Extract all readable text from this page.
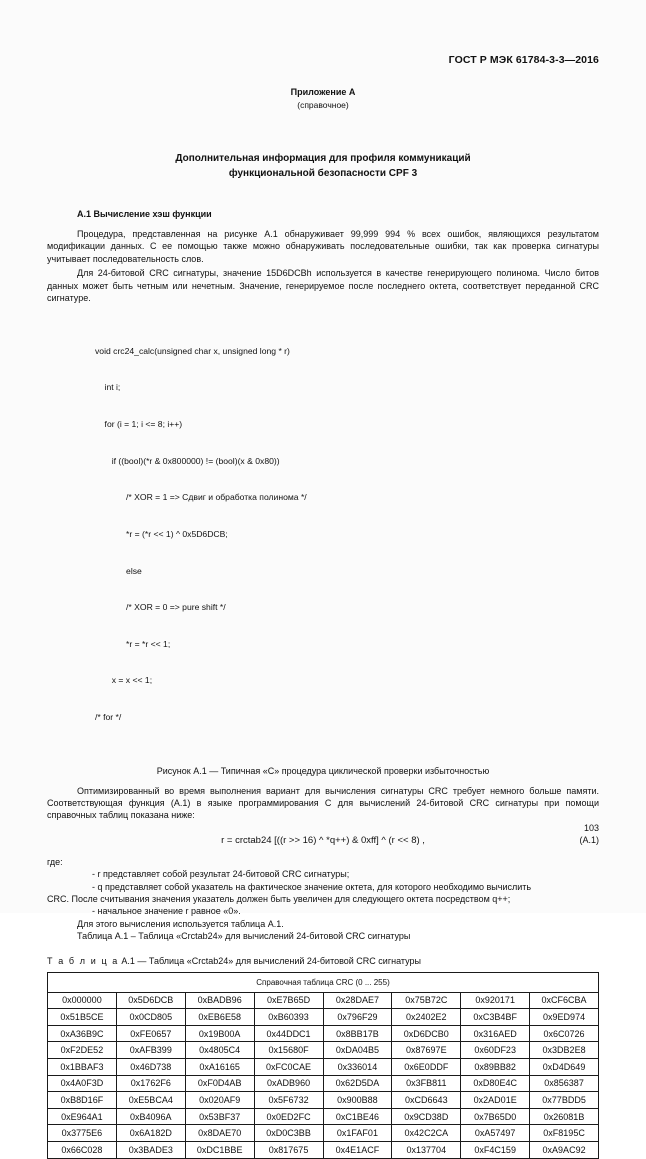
ГОСТ Р МЭК 61784-3-3—2016
Приложение А
(справочное)
Дополнительная информация для профиля коммуникаций
функциональной безопасности CPF 3
А.1 Вычисление хэш функции

Процедура, представленная на рисунке А.1 обнаруживает 99,999 994 % всех ошибок, являющихся результатом модификации данных. С ее помощью также можно обнаруживать последовательные ошибки, так как проверка сигнатуры учитывает последовательность слов.

Для 24-битовой CRC сигнатуры, значение 15D6DCBh используется в качестве генерирующего полинома. Число битов данных может быть четным или нечетным. Значение, генерируемое после последнего октета, соответствует переданной CRC сигнатуре.

void crc24_calc(unsigned char x, unsigned long * r)

int i;

for (i = 1; i <= 8; i++)

if ((bool)(*r & 0x800000) != (bool)(x & 0x80))

/* XOR = 1 => Сдвиг и обработка полинома */

*r = (*r << 1) ^ 0x5D6DCB;

else

/* XOR = 0 => pure shift */

*r = *r << 1;

x = x << 1;

/* for */

Рисунок А.1 — Типичная «С» процедура циклической проверки избыточностью

Оптимизированный во время выполнения вариант для вычисления сигнатуры CRC требует немного больше памяти. Соответствующая функция (А.1) в языке программирования С для вычислений 24-битовой CRC сигнатуры при помощи справочных таблиц показана ниже:

r = crctab24 [((r >> 16) ^ *q++) & 0xff] ^ (r << 8) ,	(А.1)
где:

- r представляет собой результат 24-битовой CRC сигнатуры;

- q представляет собой указатель на фактическое значение октета, для которого необходимо вычислить

CRC. После считывания значения указатель должен быть увеличен для следующего октета посредством q++;

- начальное значение r равное «0».

Для этого вычисления используется таблица А.1.

Таблица А.1 – Таблица «Crctab24» для вычислений 24-битовой CRC сигнатуры

Т а б л и ц а А.1 — Таблица «Crctab24» для вычислений 24-битовой CRC сигнатуры
Справочная таблица CRC (0 ... 255)							
0x000000	0x5D6DCB	0xBADB96	0xE7B65D	0x28DAE7	0x75B72C	0x920171	0xCF6CBA
0x51B5CE	0x0CD805	0xEB6E58	0xB60393	0x796F29	0x2402E2	0xC3B4BF	0x9ED974
0xA36B9C	0xFE0657	0x19B00A	0x44DDC1	0x8BB17B	0xD6DCB0	0x316AED	0x6C0726
0xF2DE52	0xAFB399	0x4805C4	0x15680F	0xDA04B5	0x87697E	0x60DF23	0x3DB2E8
0x1BBAF3	0x46D738	0xA16165	0xFC0CAE	0x336014	0x6E0DDF	0x89BB82	0xD4D649
0x4A0F3D	0x1762F6	0xF0D4AB	0xADB960	0x62D5DA	0x3FB811	0xD80E4C	0x856387
0xB8D16F	0xE5BCA4	0x020AF9	0x5F6732	0x900B88	0xCD6643	0x2AD01E	0x77BDD5
0xE964A1	0xB4096A	0x53BF37	0x0ED2FC	0xC1BE46	0x9CD38D	0x7B65D0	0x26081B
0x3775E6	0x6A182D	0x8DAE70	0xD0C3BB	0x1FAF01	0x42C2CA	0xA57497	0xF8195C
0x66C028	0x3BADE3	0xDC1BBE	0x817675	0x4E1ACF	0x137704	0xF4C159	0xA9AC92
103
